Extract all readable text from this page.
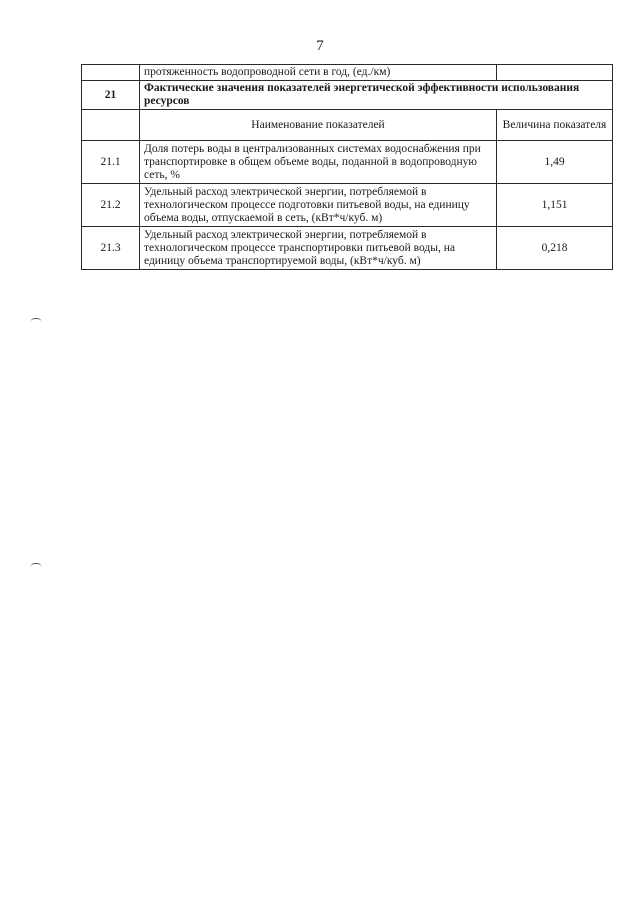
7
	протяженность водопроводной сети в год, (ед./км)	
21	Фактические значения показателей энергетической эффективности использования ресурсов	
	Наименование показателей	Величина показателя
21.1	Доля потерь воды в централизованных системах водоснабжения при транспортировке в общем объеме воды, поданной в водопроводную сеть, %	1,49
21.2	Удельный расход электрической энергии, потребляемой в технологическом процессе подготовки питьевой воды, на единицу объема воды, отпускаемой в сеть, (кВт*ч/куб. м)	1,151
21.3	Удельный расход электрической энергии, потребляемой в технологическом процессе транспортировки питьевой воды, на единицу объема транспортируемой воды, (кВт*ч/куб. м)	0,218
